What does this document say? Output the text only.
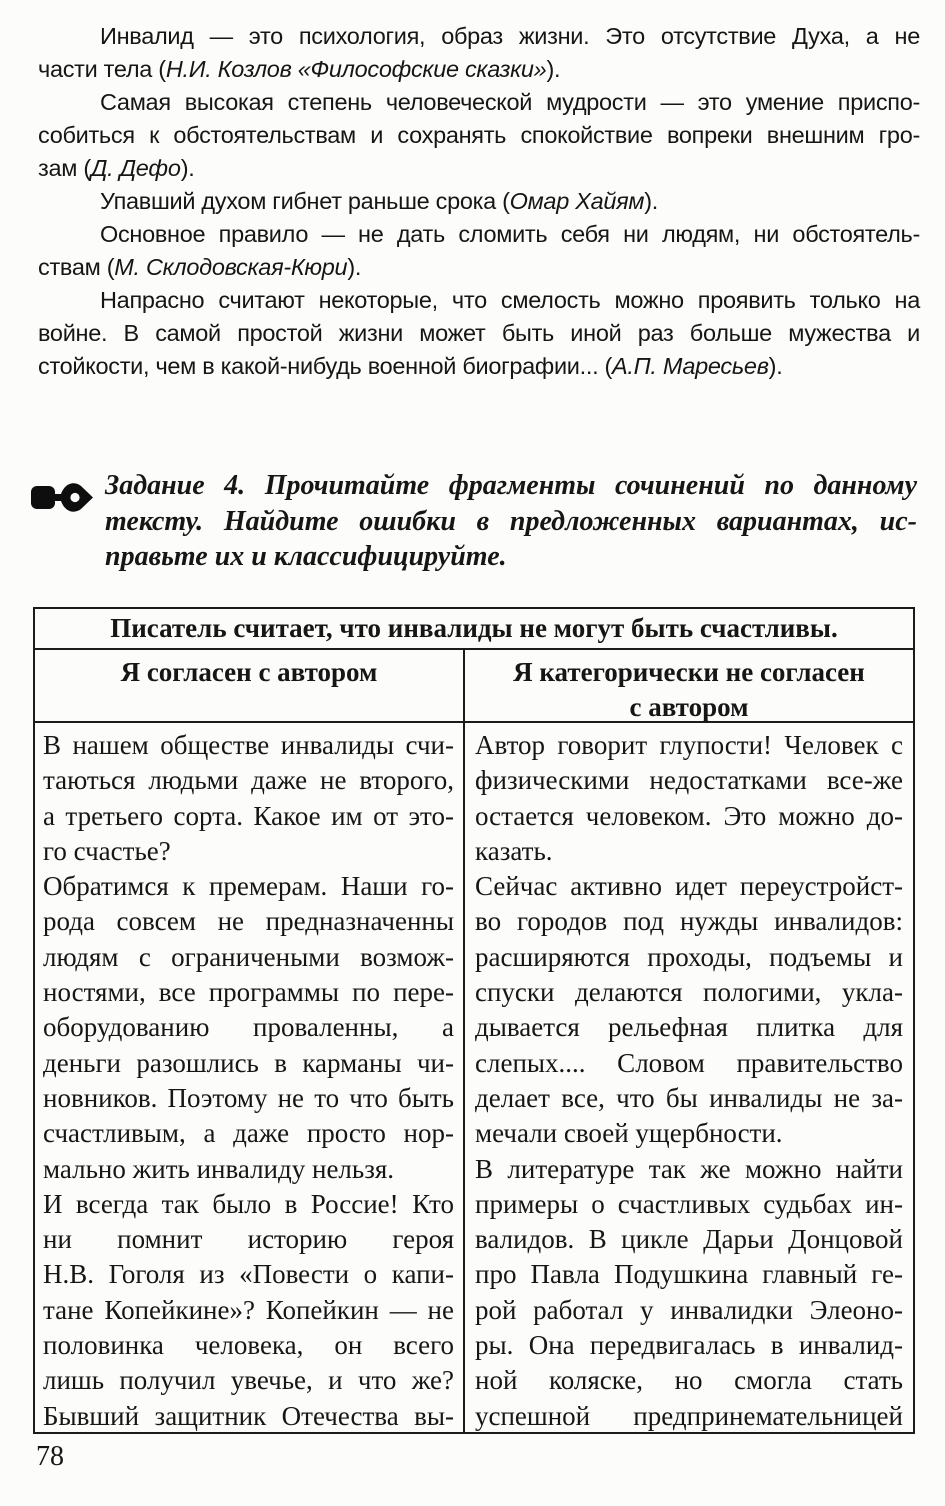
Инвалид — это психология, образ жизни. Это отсутствие Духа, а не
части тела (Н.И. Козлов «Философские сказки»).
Самая высокая степень человеческой мудрости — это умение приспо-
собиться к обстоятельствам и сохранять спокойствие вопреки внешним гро-
зам (Д. Дефо).
Упавший духом гибнет раньше срока (Омар Хайям).
Основное правило — не дать сломить себя ни людям, ни обстоятель-
ствам (М. Склодовская-Кюри).
Напрасно считают некоторые, что смелость можно проявить только на
войне. В самой простой жизни может быть иной раз больше мужества и
стойкости, чем в какой-нибудь военной биографии... (А.П. Маресьев).
Задание 4. Прочитайте фрагменты сочинений по данному
тексту. Найдите ошибки в предложенных вариантах, ис-
правьте их и классифицируйте.
Писатель считает, что инвалиды не могут быть счастливы.
Я согласен с автором	Я категорически не согласен
с автором
В нашем обществе инвалиды счи-
таються людьми даже не второго,
а третьего сорта. Какое им от это-
го счастье?
Обратимся к премерам. Наши го-
рода совсем не предназначенны
людям с ограничеными возмож-
ностями, все программы по пере-
оборудованию проваленны, а
деньги разошлись в карманы чи-
новников. Поэтому не то что быть
счастливым, а даже просто нор-
мально жить инвалиду нельзя.
И всегда так было в Россие! Кто
ни помнит историю героя
Н.В. Гоголя из «Повести о капи-
тане Копейкине»? Копейкин — не
половинка человека, он всего
лишь получил увечье, и что же?
Бывший защитник Отечества вы-
Автор говорит глупости! Человек с
физическими недостатками все-же
остается человеком. Это можно до-
казать.
Сейчас активно идет переустройст-
во городов под нужды инвалидов:
расширяются проходы, подъемы и
спуски делаются пологими, укла-
дывается рельефная плитка для
слепых.... Словом правительство
делает все, что бы инвалиды не за-
мечали своей ущербности.
В литературе так же можно найти
примеры о счастливых судьбах ин-
валидов. В цикле Дарьи Донцовой
про Павла Подушкина главный ге-
рой работал у инвалидки Элеоно-
ры. Она передвигалась в инвалид-
ной коляске, но смогла стать
успешной предпринемательницей
78
